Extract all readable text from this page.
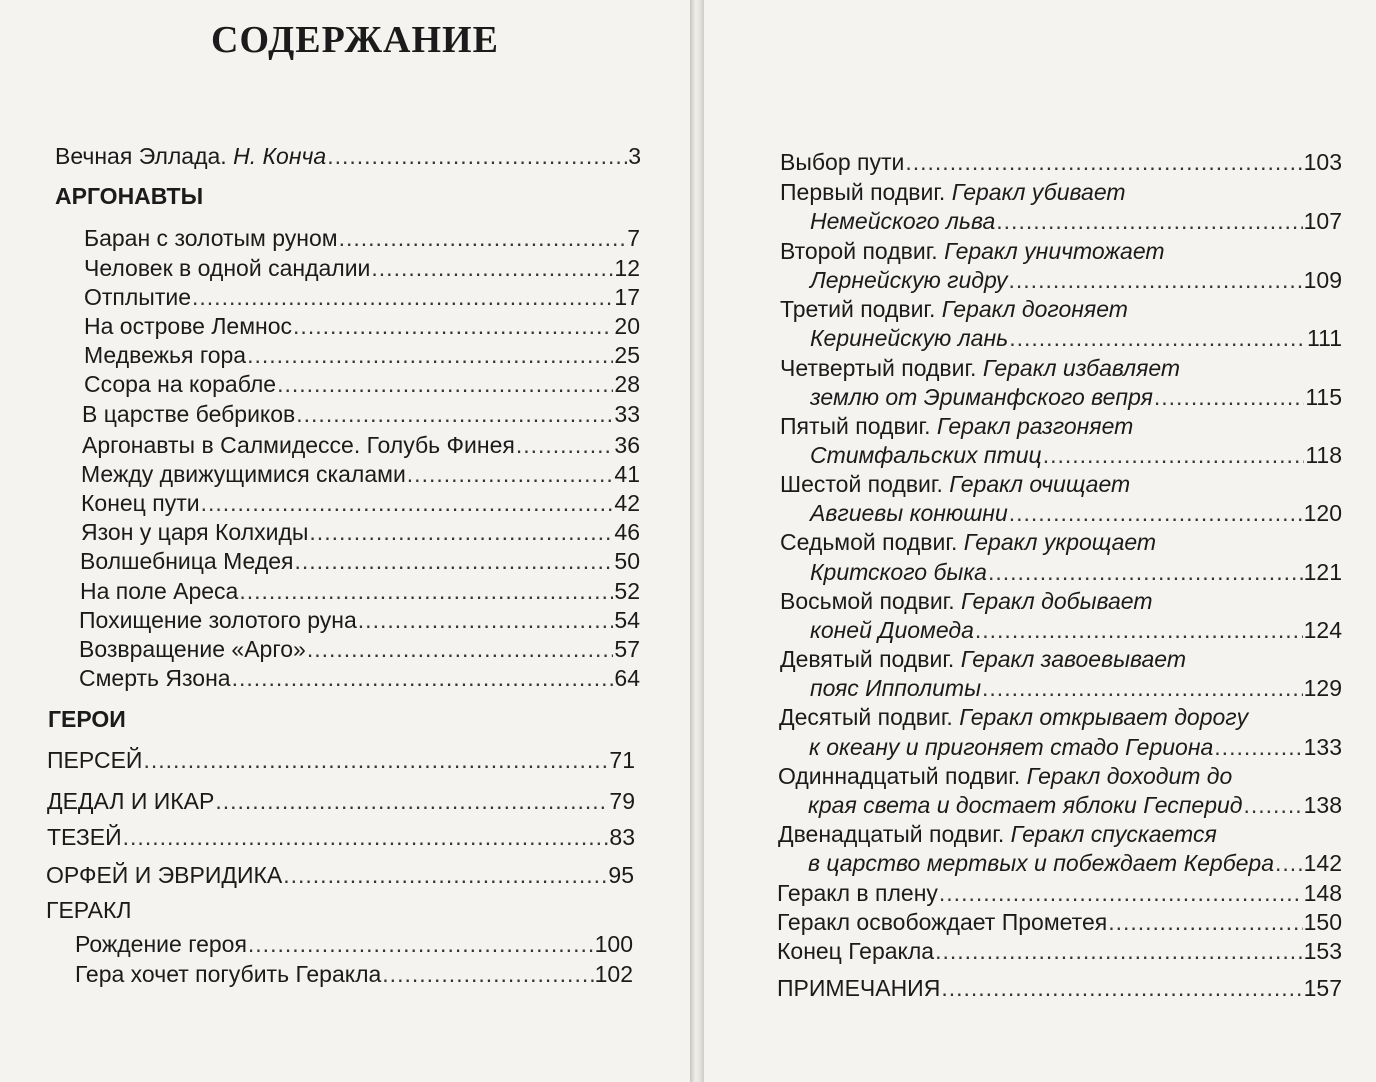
СОДЕРЖАНИЕ
Вечная Эллада. Н. Конча .....	3
АРГОНАВТЫ
Баран с золотым руном .....	7
Человек в одной сандалии .....	12
Отплытие .....	17
На острове Лемнос .....	20
Медвежья гора .....	25
Ссора на корабле .....	28
В царстве бебриков .....	33
Аргонавты в Салмидессе. Голубь Финея .....	36
Между движущимися скалами .....	41
Конец пути .....	42
Язон у царя Колхиды .....	46
Волшебница Медея .....	50
На поле Ареса .....	52
Похищение золотого руна .....	54
Возвращение «Арго» .....	57
Смерть Язона .....	64
ГЕРОИ
ПЕРСЕЙ .....	71
ДЕДАЛ И ИКАР .....	79
ТЕЗЕЙ .....	83
ОРФЕЙ И ЭВРИДИКА .....	95
ГЕРАКЛ
Рождение героя .....	100
Гера хочет погубить Геракла .....	102
Выбор пути .....	103
Первый подвиг. Геракл убивает
Немейского льва .....	107
Второй подвиг. Геракл уничтожает
Лернейскую гидру .....	109
Третий подвиг. Геракл догоняет
Керинейскую лань .....	111
Четвертый подвиг. Геракл избавляет
землю от Эриманфского вепря .....	115
Пятый подвиг. Геракл разгоняет
Стимфальских птиц .....	118
Шестой подвиг. Геракл очищает
Авгиевы конюшни .....	120
Седьмой подвиг. Геракл укрощает
Критского быка .....	121
Восьмой подвиг. Геракл добывает
коней Диомеда .....	124
Девятый подвиг. Геракл завоевывает
пояс Ипполиты .....	129
Десятый подвиг. Геракл открывает дорогу
к океану и пригоняет стадо Гериона .....	133
Одиннадцатый подвиг. Геракл доходит до
края света и достает яблоки Гесперид .....	138
Двенадцатый подвиг. Геракл спускается
в царство мертвых и побеждает Кербера ..... 142
Геракл в плену .....	148
Геракл освобождает Прометея .....	150
Конец Геракла .....	153
ПРИМЕЧАНИЯ .....	157
